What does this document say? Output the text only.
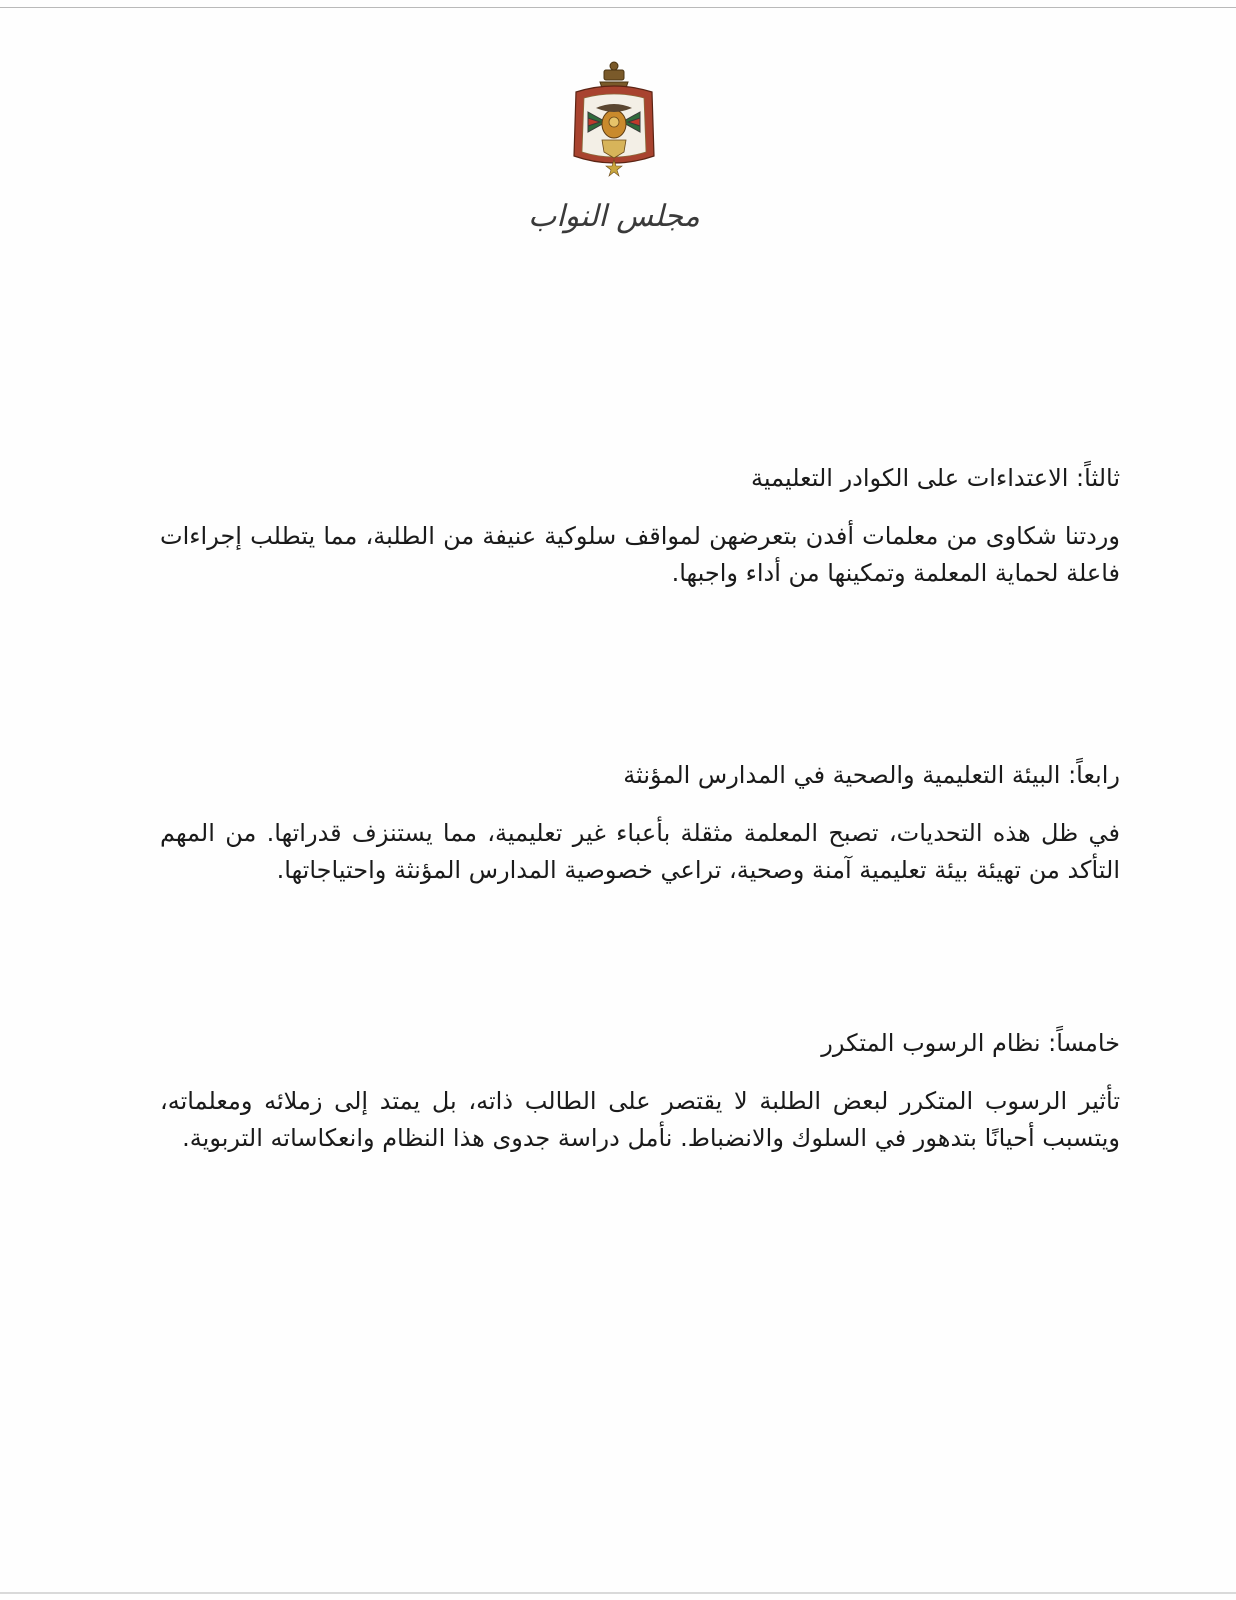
مجلس النواب
ثالثاً: الاعتداءات على الكوادر التعليمية

وردتنا شكاوى من معلمات أفدن بتعرضهن لمواقف سلوكية عنيفة من الطلبة، مما يتطلب إجراءات فاعلة لحماية المعلمة وتمكينها من أداء واجبها.

رابعاً: البيئة التعليمية والصحية في المدارس المؤنثة

في ظل هذه التحديات، تصبح المعلمة مثقلة بأعباء غير تعليمية، مما يستنزف قدراتها. من المهم التأكد من تهيئة بيئة تعليمية آمنة وصحية، تراعي خصوصية المدارس المؤنثة واحتياجاتها.

خامساً: نظام الرسوب المتكرر

تأثير الرسوب المتكرر لبعض الطلبة لا يقتصر على الطالب ذاته، بل يمتد إلى زملائه ومعلماته، ويتسبب أحيانًا بتدهور في السلوك والانضباط. نأمل دراسة جدوى هذا النظام وانعكاساته التربوية.
